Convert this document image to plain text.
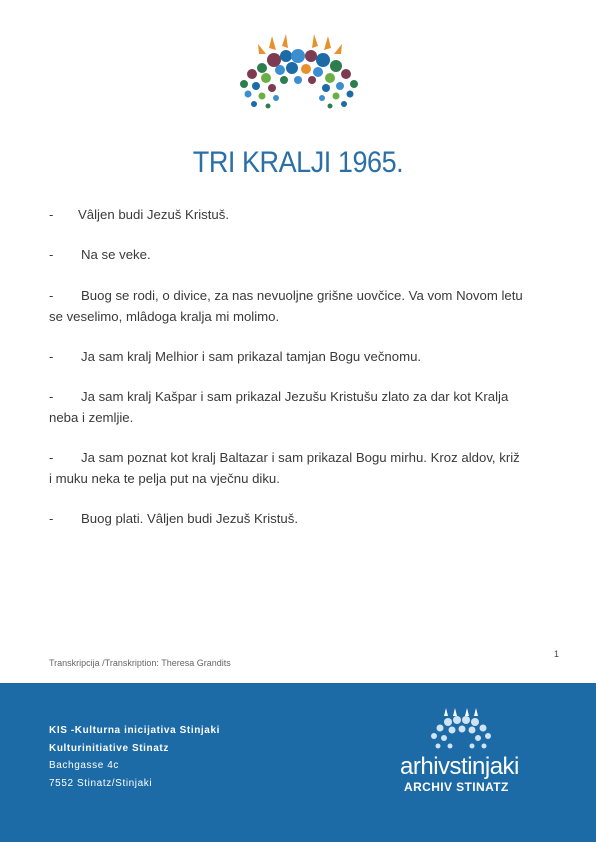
TRI KRALJI 1965.
- Vâljen budi Jezuš Kristuš.
- Na se veke.
- Buog se rodi, o divice, za nas nevuoljne grišne uovčice. Va vom Novom letu
se veselimo, mlâdoga kralja mi molimo.
- Ja sam kralj Melhior i sam prikazal tamjan Bogu večnomu.
- Ja sam kralj Kašpar i sam prikazal Jezušu Kristušu zlato za dar kot Kralja
neba i zemljie.
- Ja sam poznat kot kralj Baltazar i sam prikazal Bogu mirhu. Kroz aldov, križ
i muku neka te pelja put na vječnu diku.
- Buog plati. Vâljen budi Jezuš Kristuš.
1
Transkripcija /Transkription: Theresa Grandits
KIS -Kulturna inicijativa Stinjaki
Kulturinitiative Stinatz
Bachgasse 4c
7552 Stinatz/Stinjaki
arhivstinjaki
ARCHIV STINATZ
